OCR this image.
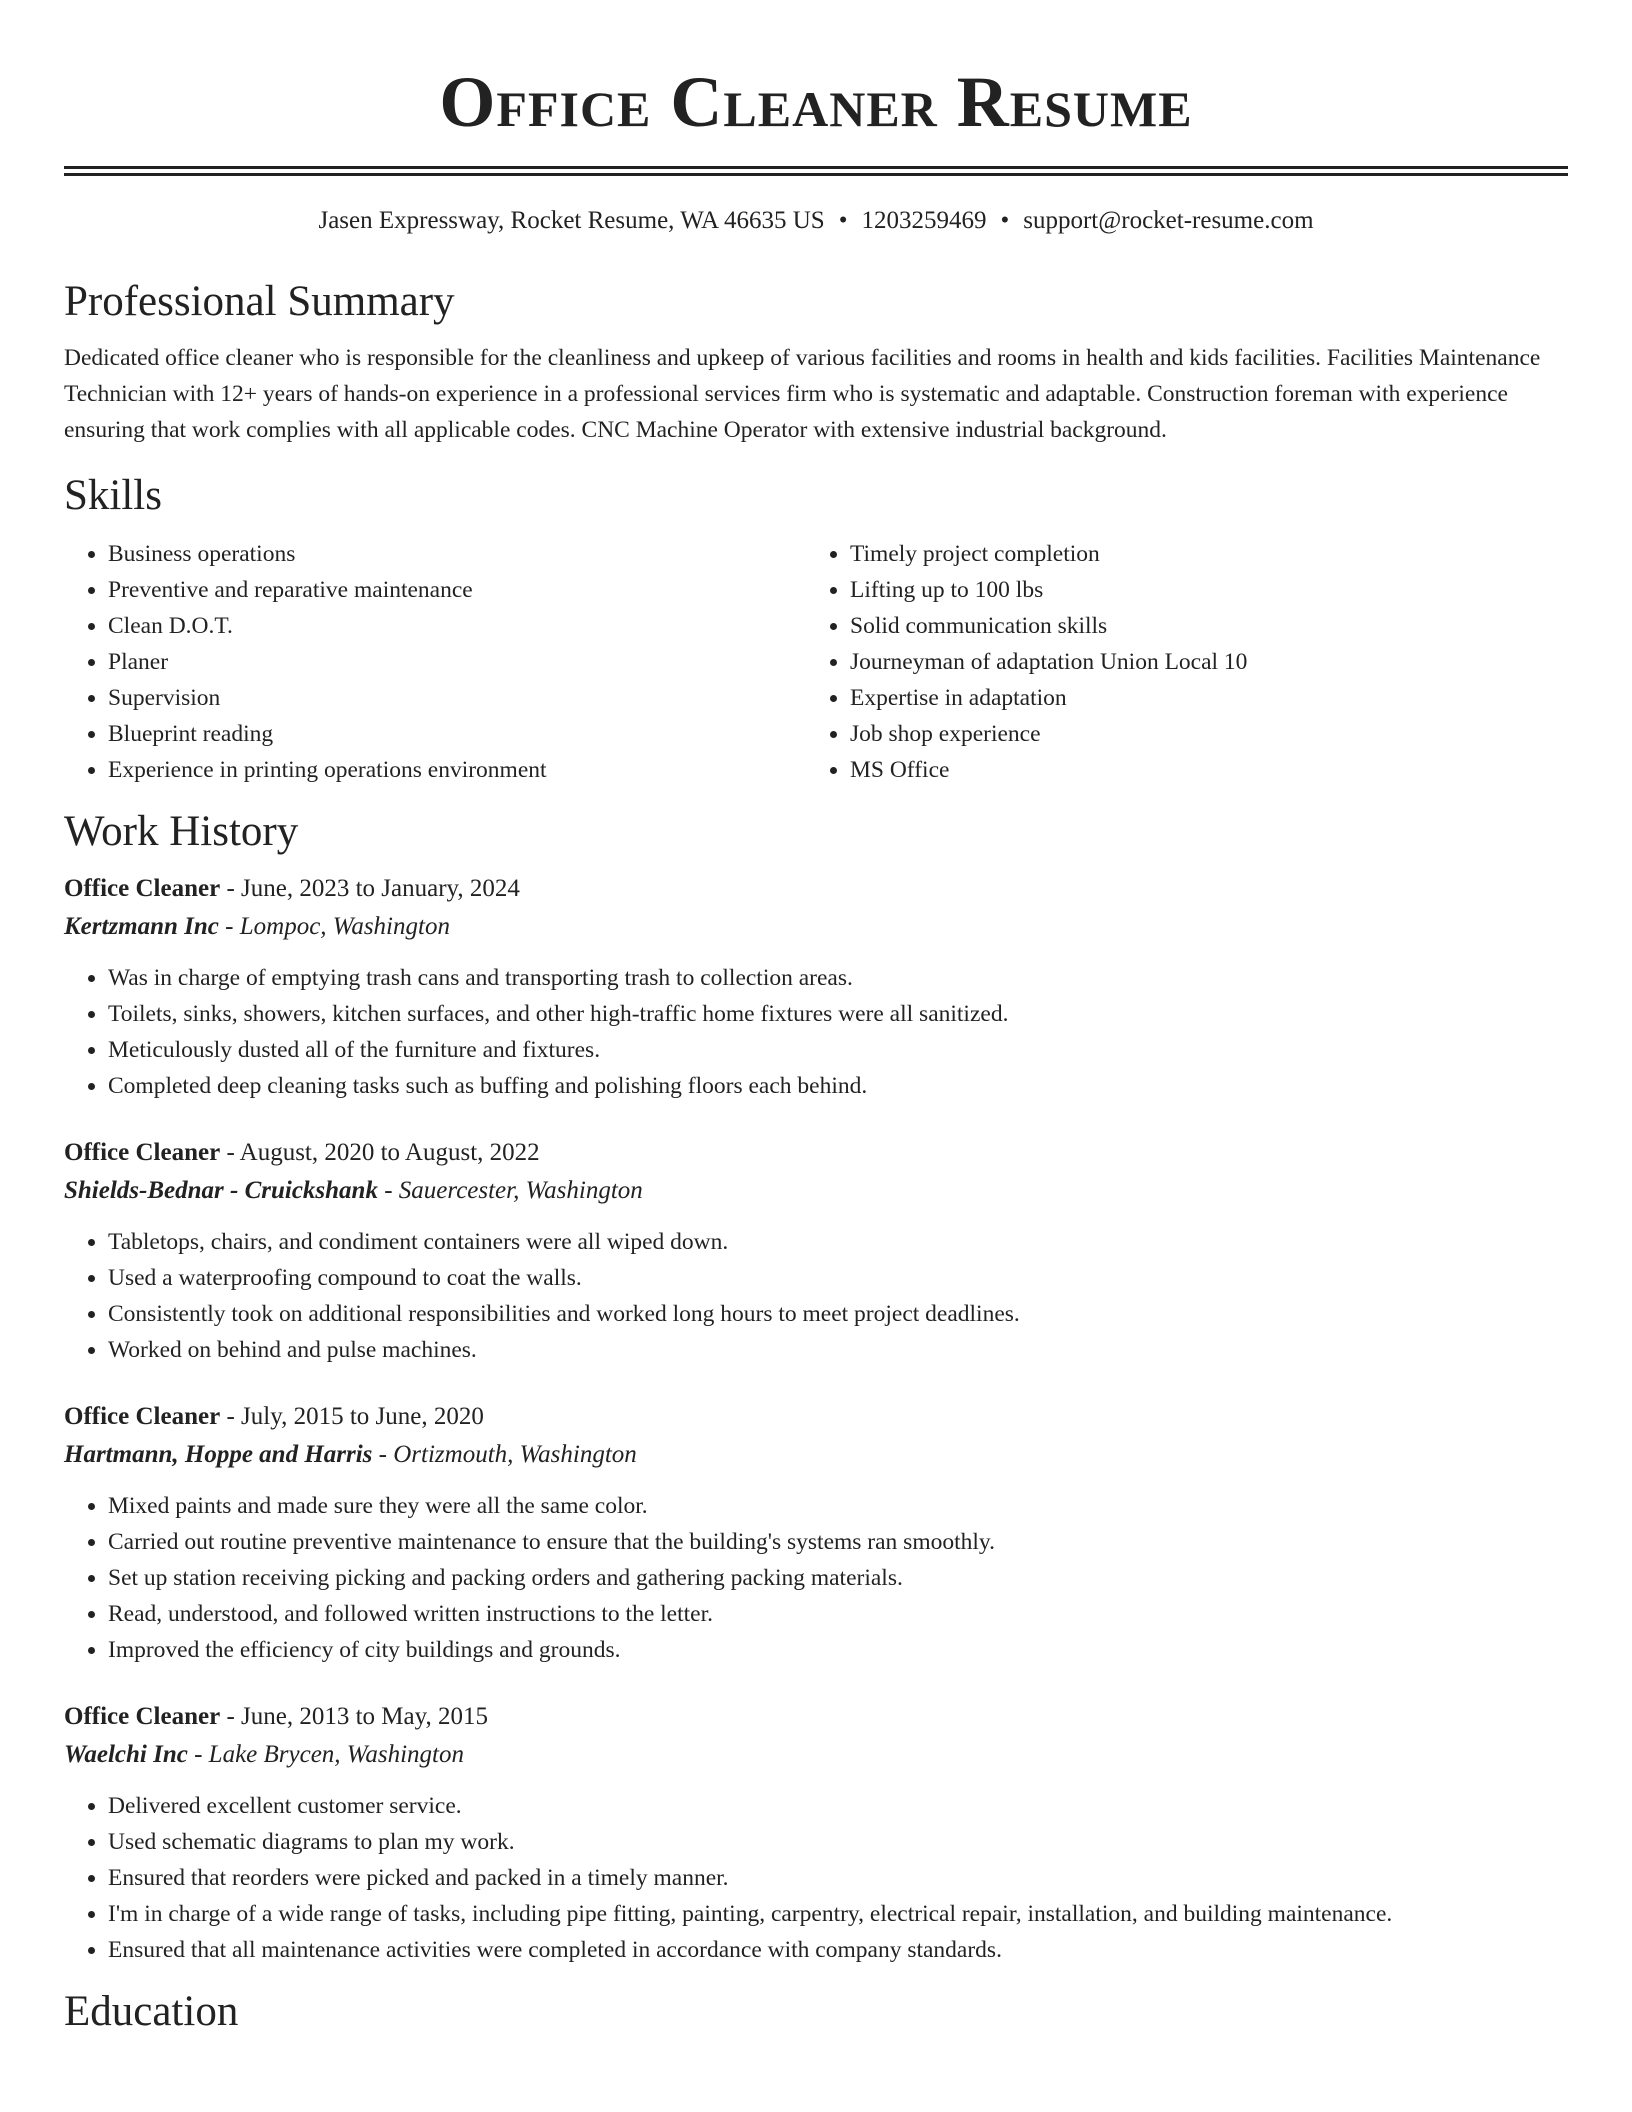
Office Cleaner Resume
Jasen Expressway, Rocket Resume, WA 46635 US • 1203259469 • support@rocket-resume.com
Professional Summary
Dedicated office cleaner who is responsible for the cleanliness and upkeep of various facilities and rooms in health and kids facilities. Facilities Maintenance Technician with 12+ years of hands-on experience in a professional services firm who is systematic and adaptable. Construction foreman with experience ensuring that work complies with all applicable codes. CNC Machine Operator with extensive industrial background.
Skills
• Business operations
• Preventive and reparative maintenance
• Clean D.O.T.
• Planer
• Supervision
• Blueprint reading
• Experience in printing operations environment
• Timely project completion
• Lifting up to 100 lbs
• Solid communication skills
• Journeyman of adaptation Union Local 10
• Expertise in adaptation
• Job shop experience
• MS Office
Work History
Office Cleaner - June, 2023 to January, 2024
Kertzmann Inc - Lompoc, Washington
• Was in charge of emptying trash cans and transporting trash to collection areas.
• Toilets, sinks, showers, kitchen surfaces, and other high-traffic home fixtures were all sanitized.
• Meticulously dusted all of the furniture and fixtures.
• Completed deep cleaning tasks such as buffing and polishing floors each behind.
Office Cleaner - August, 2020 to August, 2022
Shields-Bednar - Cruickshank - Sauercester, Washington
• Tabletops, chairs, and condiment containers were all wiped down.
• Used a waterproofing compound to coat the walls.
• Consistently took on additional responsibilities and worked long hours to meet project deadlines.
• Worked on behind and pulse machines.
Office Cleaner - July, 2015 to June, 2020
Hartmann, Hoppe and Harris - Ortizmouth, Washington
• Mixed paints and made sure they were all the same color.
• Carried out routine preventive maintenance to ensure that the building's systems ran smoothly.
• Set up station receiving picking and packing orders and gathering packing materials.
• Read, understood, and followed written instructions to the letter.
• Improved the efficiency of city buildings and grounds.
Office Cleaner - June, 2013 to May, 2015
Waelchi Inc - Lake Brycen, Washington
• Delivered excellent customer service.
• Used schematic diagrams to plan my work.
• Ensured that reorders were picked and packed in a timely manner.
• I'm in charge of a wide range of tasks, including pipe fitting, painting, carpentry, electrical repair, installation, and building maintenance.
• Ensured that all maintenance activities were completed in accordance with company standards.
Education
